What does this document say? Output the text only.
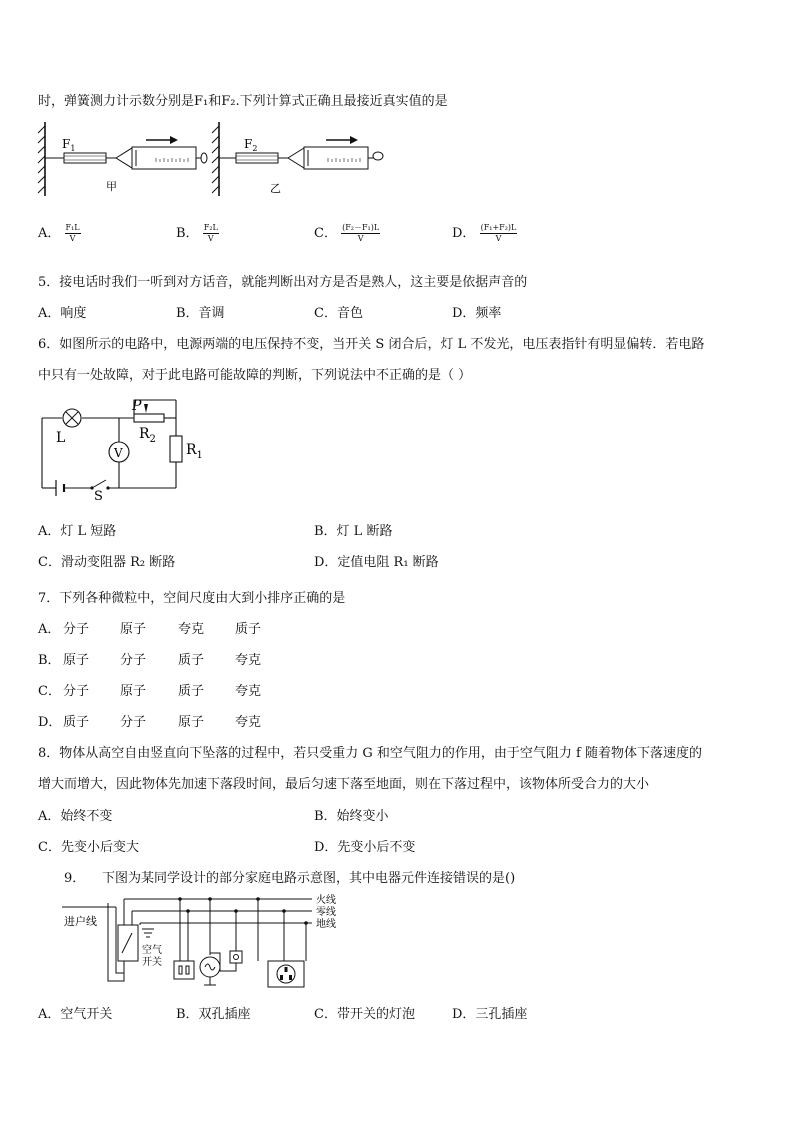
时，弹簧测力计示数分别是F₁和F₂.下列计算式正确且最接近真实值的是
$F_1$
甲
$F_2$
乙
A． $\frac{\text{F₁L}}{V}$	B． $\frac{\text{F₂L}}{V}$	C． $\frac{\text{(F₂－F₁)L}}{V}$	D． $\frac{\text{(F₁+F₂)L}}{V}$
5．接电话时我们一听到对方话音，就能判断出对方是否是熟人，这主要是依据声音的
A．响度	B．音调	C．音色	D．频率
6．如图所示的电路中，电源两端的电压保持不变，当开关 S 闭合后，灯 L 不发光，电压表指针有明显偏转．若电路
中只有一处故障，对于此电路可能故障的判断，下列说法中不正确的是（ ）
P
L	$R_2$
$R_1$
V
S
A．灯 L 短路	B．灯 L 断路
C．滑动变阻器 R₂ 断路	D．定值电阻 R₁ 断路
7．下列各种微粒中，空间尺度由大到小排序正确的是
A． 分子 原子 夸克 质子
B． 原子 分子 质子 夸克
C． 分子 原子 质子 夸克
D． 质子 分子 原子 夸克
8．物体从高空自由竖直向下坠落的过程中，若只受重力 G 和空气阻力的作用，由于空气阻力 f 随着物体下落速度的
增大而增大，因此物体先加速下落段时间，最后匀速下落至地面，则在下落过程中，该物体所受合力的大小
A．始终不变	B．始终变小
C．先变小后变大	D．先变小后不变
9． 下图为某同学设计的部分家庭电路示意图，其中电器元件连接错误的是()
进户线
火线
零线
地线
空气
开关
A．空气开关	B．双孔插座	C．带开关的灯泡	D．三孔插座
